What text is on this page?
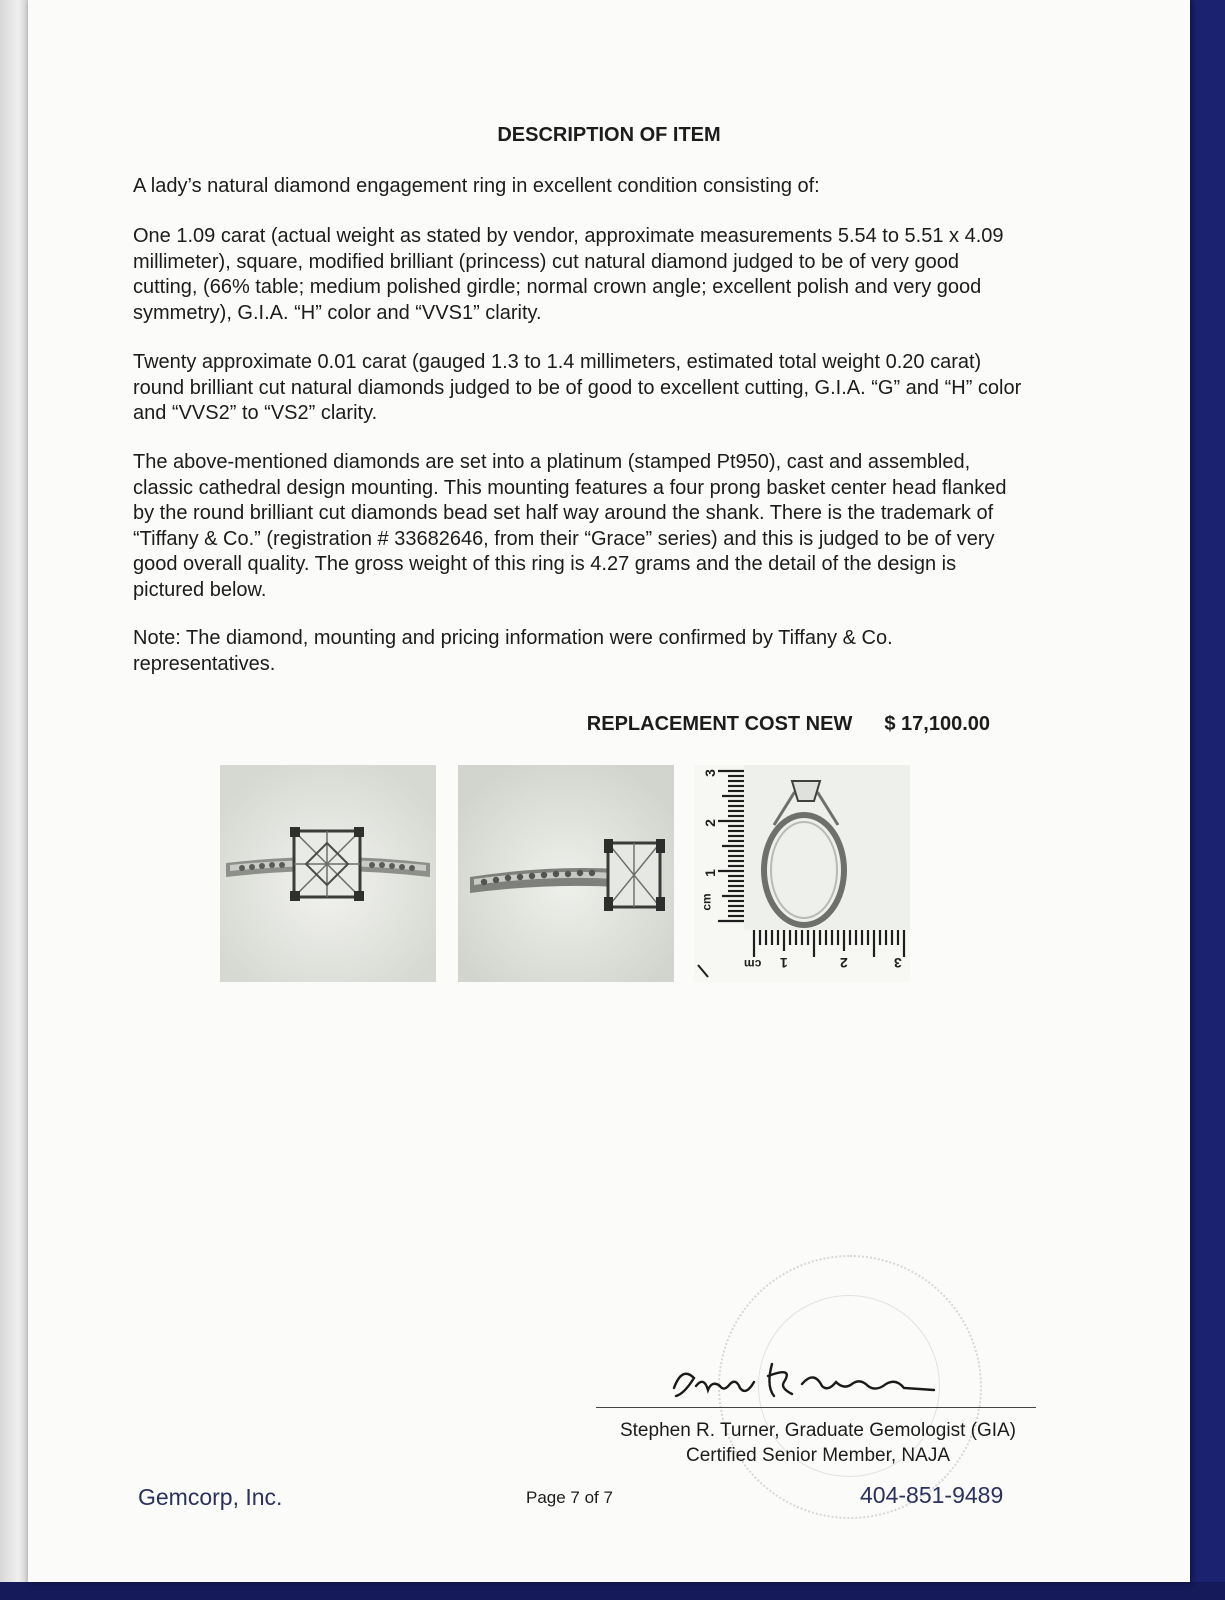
DESCRIPTION OF ITEM
A lady’s natural diamond engagement ring in excellent condition consisting of:
One 1.09 carat (actual weight as stated by vendor, approximate measurements 5.54 to 5.51 x 4.09 millimeter), square, modified brilliant (princess) cut natural diamond judged to be of very good cutting, (66% table; medium polished girdle; normal crown angle; excellent polish and very good symmetry), G.I.A. “H” color and “VVS1” clarity.
Twenty approximate 0.01 carat (gauged 1.3 to 1.4 millimeters, estimated total weight 0.20 carat) round brilliant cut natural diamonds judged to be of good to excellent cutting, G.I.A. “G” and “H” color and “VVS2” to “VS2” clarity.
The above-mentioned diamonds are set into a platinum (stamped Pt950), cast and assembled, classic cathedral design mounting. This mounting features a four prong basket center head flanked by the round brilliant cut diamonds bead set half way around the shank. There is the trademark of “Tiffany & Co.” (registration # 33682646, from their “Grace” series) and this is judged to be of very good overall quality. The gross weight of this ring is 4.27 grams and the detail of the design is pictured below.
Note: The diamond, mounting and pricing information were confirmed by Tiffany & Co. representatives.
REPLACEMENT COST NEW $ 17,100.00
cm
1
2
3
cm 1	2	3
Stephen R. Turner, Graduate Gemologist (GIA)
Certified Senior Member, NAJA
Gemcorp, Inc.	Page 7 of 7	404-851-9489
